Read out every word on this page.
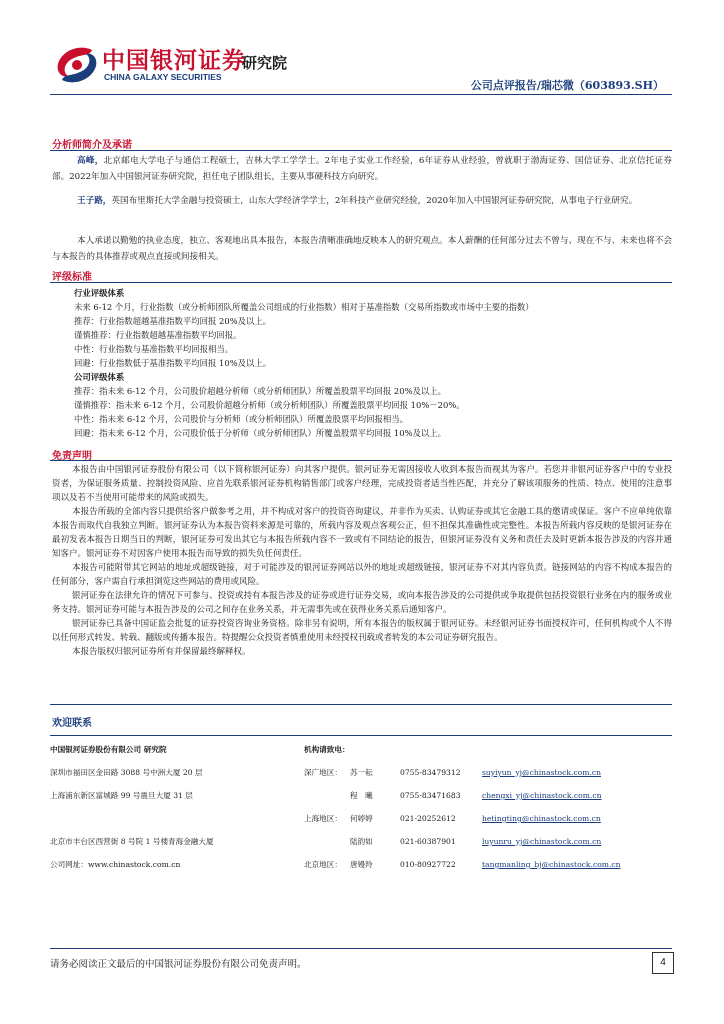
中国银河证券
CHINA GALAXY SECURITIES
研究院
公司点评报告/瑞芯微（603893.SH）
分析师简介及承诺
高峰，北京邮电大学电子与通信工程硕士，吉林大学工学学士。2年电子实业工作经验，6年证券从业经验，曾就职于渤海证券、国信证券、北京信托证券部。2022年加入中国银河证券研究院，担任电子团队组长，主要从事硬科技方向研究。
王子路，英国布里斯托大学金融与投资硕士，山东大学经济学学士，2年科技产业研究经验，2020年加入中国银河证券研究院，从事电子行业研究。
本人承诺以勤勉的执业态度，独立、客观地出具本报告，本报告清晰准确地反映本人的研究观点。本人薪酬的任何部分过去不曾与、现在不与、未来也将不会与本报告的具体推荐或观点直接或间接相关。
评级标准
行业评级体系
未来 6-12 个月，行业指数（或分析师团队所覆盖公司组成的行业指数）相对于基准指数（交易所指数或市场中主要的指数）
推荐：行业指数超越基准指数平均回报 20%及以上。
谨慎推荐：行业指数超越基准指数平均回报。
中性：行业指数与基准指数平均回报相当。
回避：行业指数低于基准指数平均回报 10%及以上。
公司评级体系
推荐：指未来 6-12 个月，公司股价超越分析师（或分析师团队）所覆盖股票平均回报 20%及以上。
谨慎推荐：指未来 6-12 个月，公司股价超越分析师（或分析师团队）所覆盖股票平均回报 10%－20%。
中性：指未来 6-12 个月，公司股价与分析师（或分析师团队）所覆盖股票平均回报相当。
回避：指未来 6-12 个月，公司股价低于分析师（或分析师团队）所覆盖股票平均回报 10%及以上。
免责声明

本报告由中国银河证券股份有限公司（以下简称银河证券）向其客户提供。银河证券无需因接收人收到本报告而视其为客户。若您并非银河证券客户中的专业投资者，为保证服务质量、控制投资风险、应首先联系银河证券机构销售部门或客户经理，完成投资者适当性匹配，并充分了解该项服务的性质、特点、使用的注意事项以及若不当使用可能带来的风险或损失。

本报告所载的全部内容只提供给客户做参考之用，并不构成对客户的投资咨询建议，并非作为买卖、认购证券或其它金融工具的邀请或保证。客户不应单纯依靠本报告而取代自我独立判断。银河证券认为本报告资料来源是可靠的，所载内容及观点客观公正，但不担保其准确性或完整性。本报告所载内容反映的是银河证券在最初发表本报告日期当日的判断，银河证券可发出其它与本报告所载内容不一致或有不同结论的报告，但银河证券没有义务和责任去及时更新本报告涉及的内容并通知客户。银河证券不对因客户使用本报告而导致的损失负任何责任。

本报告可能附带其它网站的地址或超级链接，对于可能涉及的银河证券网站以外的地址或超级链接，银河证券不对其内容负责。链接网站的内容不构成本报告的任何部分，客户需自行承担浏览这些网站的费用或风险。

银河证券在法律允许的情况下可参与、投资或持有本报告涉及的证券或进行证券交易，或向本报告涉及的公司提供或争取提供包括投资银行业务在内的服务或业务支持。银河证券可能与本报告涉及的公司之间存在业务关系，并无需事先或在获得业务关系后通知客户。

银河证券已具备中国证监会批复的证券投资咨询业务资格。除非另有说明，所有本报告的版权属于银河证券。未经银河证券书面授权许可，任何机构或个人不得以任何形式转发、转载、翻版或传播本报告。特提醒公众投资者慎重使用未经授权刊载或者转发的本公司证券研究报告。

本报告版权归银河证券所有并保留最终解释权。

欢迎联系
中国银河证券股份有限公司 研究院
深圳市福田区金田路 3088 号中洲大厦 20 层
上海浦东新区富城路 99 号震旦大厦 31 层
北京市丰台区西营街 8 号院 1 号楼青海金融大厦
公司网址：www.chinastock.com.cn
机构请致电：
深广地区： 苏一耘	0755-83479312	suyiyun_yj@chinastock.com.cn
程　曦	0755-83471683	chengxi_yj@chinastock.com.cn
上海地区： 何婷婷	021-20252612	hetingting@chinastock.com.cn
陆韵如	021-60387901	luyunru_yj@chinastock.com.cn
北京地区： 唐嫚羚	010-80927722	tangmanling_bj@chinastock.com.cn
请务必阅读正文最后的中国银河证券股份有限公司免责声明。	4
